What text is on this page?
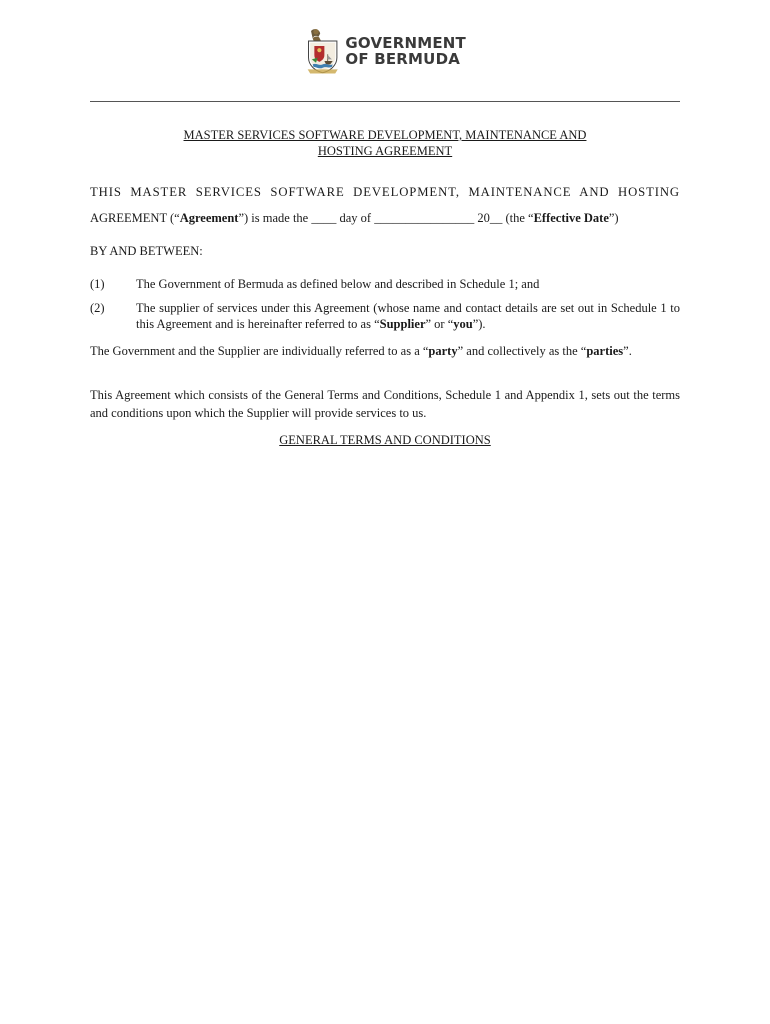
GOVERNMENT
OF BERMUDA
MASTER SERVICES SOFTWARE DEVELOPMENT, MAINTENANCE AND
HOSTING AGREEMENT
THIS MASTER SERVICES SOFTWARE DEVELOPMENT, MAINTENANCE AND HOSTING
AGREEMENT (“Agreement”) is made the ____ day of ________________ 20__ (the “Effective Date”)
BY AND BETWEEN:
(1)	The Government of Bermuda as defined below and described in Schedule 1; and
(2)	The supplier of services under this Agreement (whose name and contact details are set out in Schedule 1 to this Agreement and is hereinafter referred to as “Supplier” or “you”).
The Government and the Supplier are individually referred to as a “party” and collectively as the “parties”.
This Agreement which consists of the General Terms and Conditions, Schedule 1 and Appendix 1, sets out the terms and conditions upon which the Supplier will provide services to us.
GENERAL TERMS AND CONDITIONS
